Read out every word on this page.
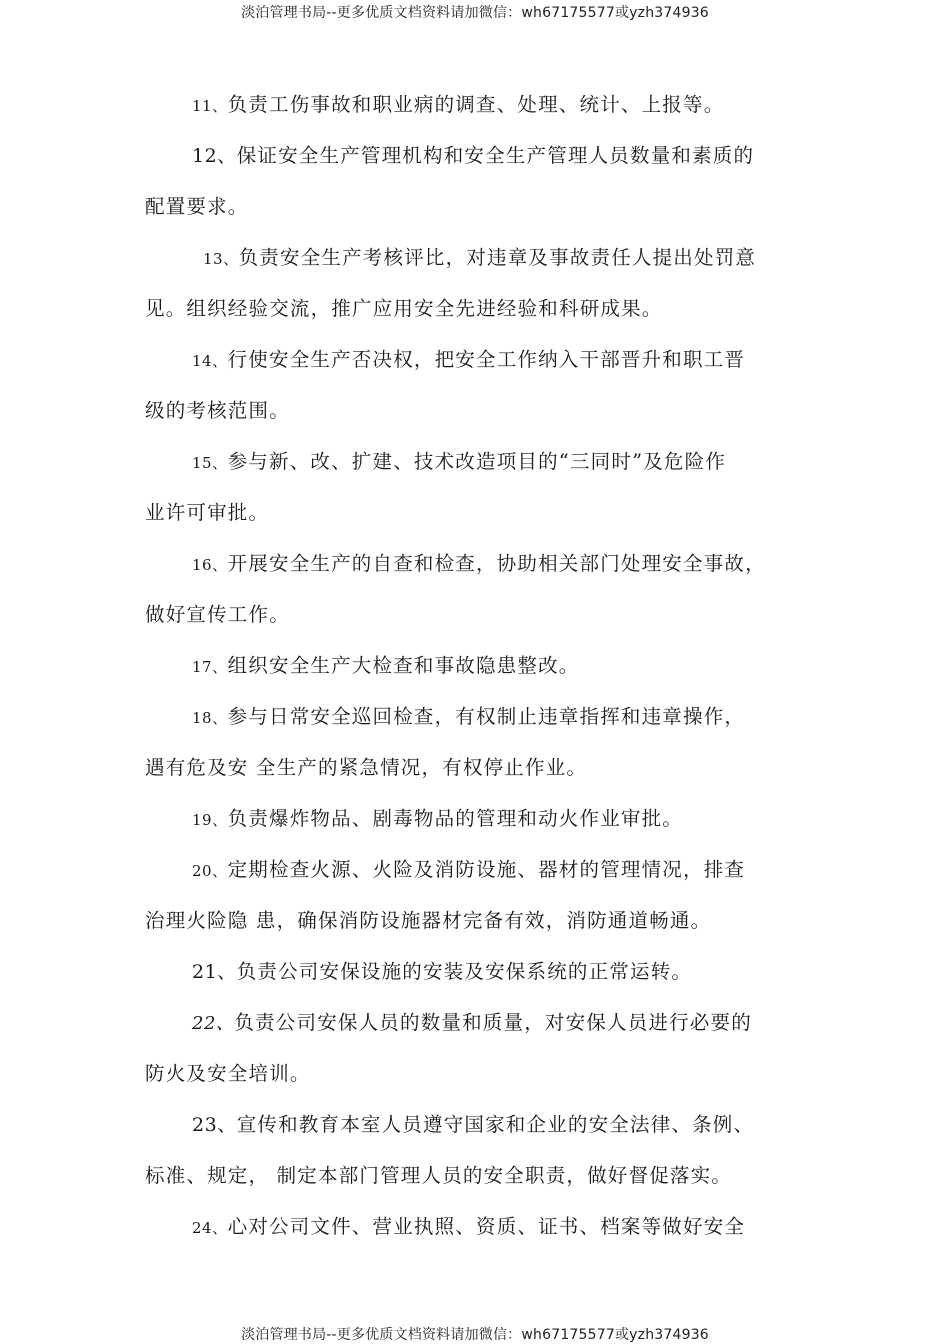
淡泊管理书局--更多优质文档资料请加微信：wh67175577或yzh374936
11、负责工伤事故和职业病的调查、处理、统计、上报等。
12、保证安全生产管理机构和安全生产管理人员数量和素质的
配置要求。
13、负责安全生产考核评比，对违章及事故责任人提出处罚意
见。组织经验交流，推广应用安全先进经验和科研成果。
14、行使安全生产否决权，把安全工作纳入干部晋升和职工晋
级的考核范围。
15、参与新、改、扩建、技术改造项目的“三同时”及危险作
业许可审批。
16、开展安全生产的自查和检查，协助相关部门处理安全事故，
做好宣传工作。
17、组织安全生产大检查和事故隐患整改。
18、参与日常安全巡回检查，有权制止违章指挥和违章操作，
遇有危及安 全生产的紧急情况，有权停止作业。
19、负责爆炸物品、剧毒物品的管理和动火作业审批。
20、定期检查火源、火险及消防设施、器材的管理情况，排查
治理火险隐 患，确保消防设施器材完备有效，消防通道畅通。
21、负责公司安保设施的安装及安保系统的正常运转。
22、负责公司安保人员的数量和质量，对安保人员进行必要的
防火及安全培训。
23、宣传和教育本室人员遵守国家和企业的安全法律、条例、
标准、规定， 制定本部门管理人员的安全职责，做好督促落实。
24、心对公司文件、营业执照、资质、证书、档案等做好安全
淡泊管理书局--更多优质文档资料请加微信：wh67175577或yzh374936
